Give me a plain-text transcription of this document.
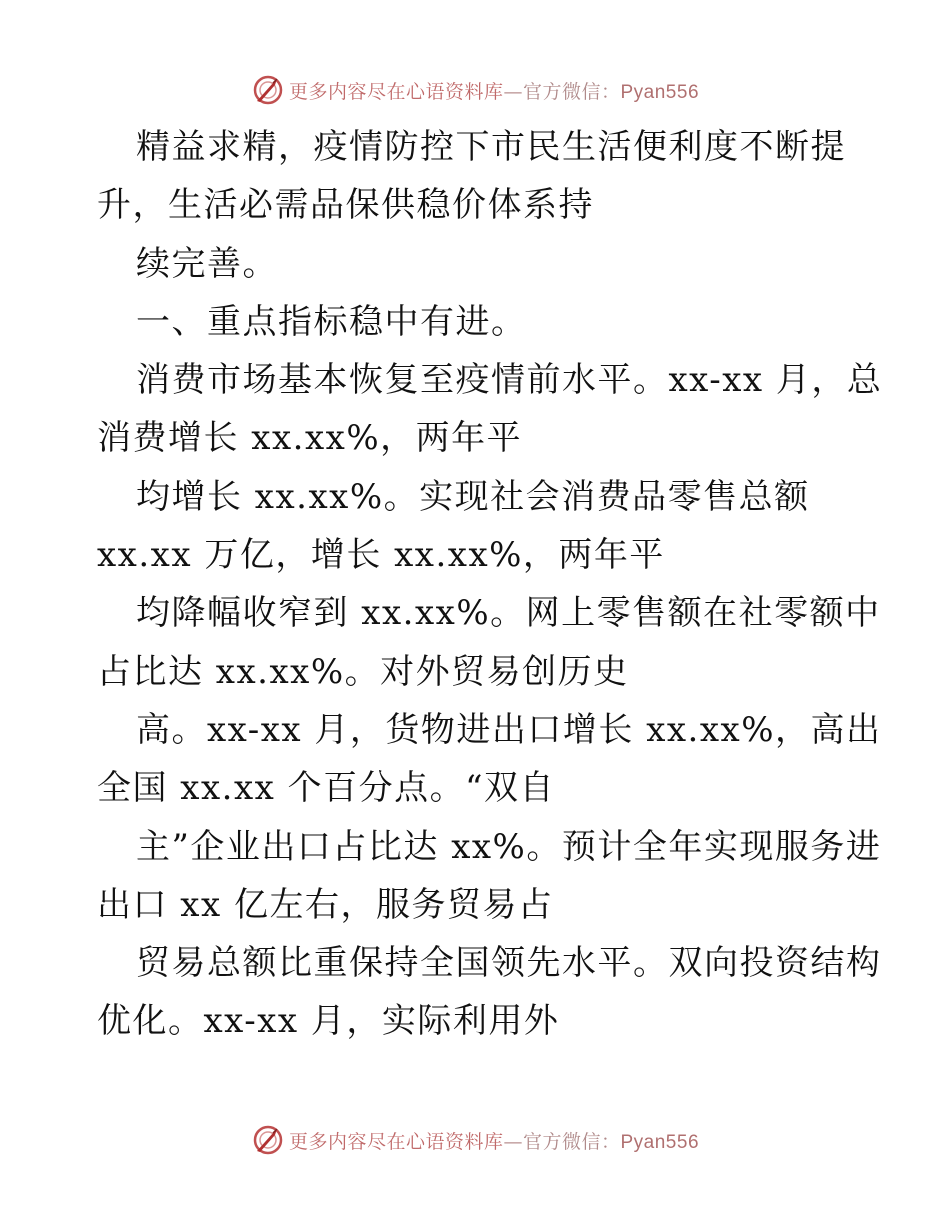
更多内容尽在心语资料库—官方微信：Pyan556
精益求精，疫情防控下市民生活便利度不断提
升，生活必需品保供稳价体系持
续完善。
一、重点指标稳中有进。
消费市场基本恢复至疫情前水平。xx-xx 月，总
消费增长 xx.xx%，两年平
均增长 xx.xx%。实现社会消费品零售总额
xx.xx 万亿，增长 xx.xx%，两年平
均降幅收窄到 xx.xx%。网上零售额在社零额中
占比达 xx.xx%。对外贸易创历史
高。xx-xx 月，货物进出口增长 xx.xx%，高出
全国 xx.xx 个百分点。“双自
主”企业出口占比达 xx%。预计全年实现服务进
出口 xx 亿左右，服务贸易占
贸易总额比重保持全国领先水平。双向投资结构
优化。xx-xx 月，实际利用外
更多内容尽在心语资料库—官方微信：Pyan556
